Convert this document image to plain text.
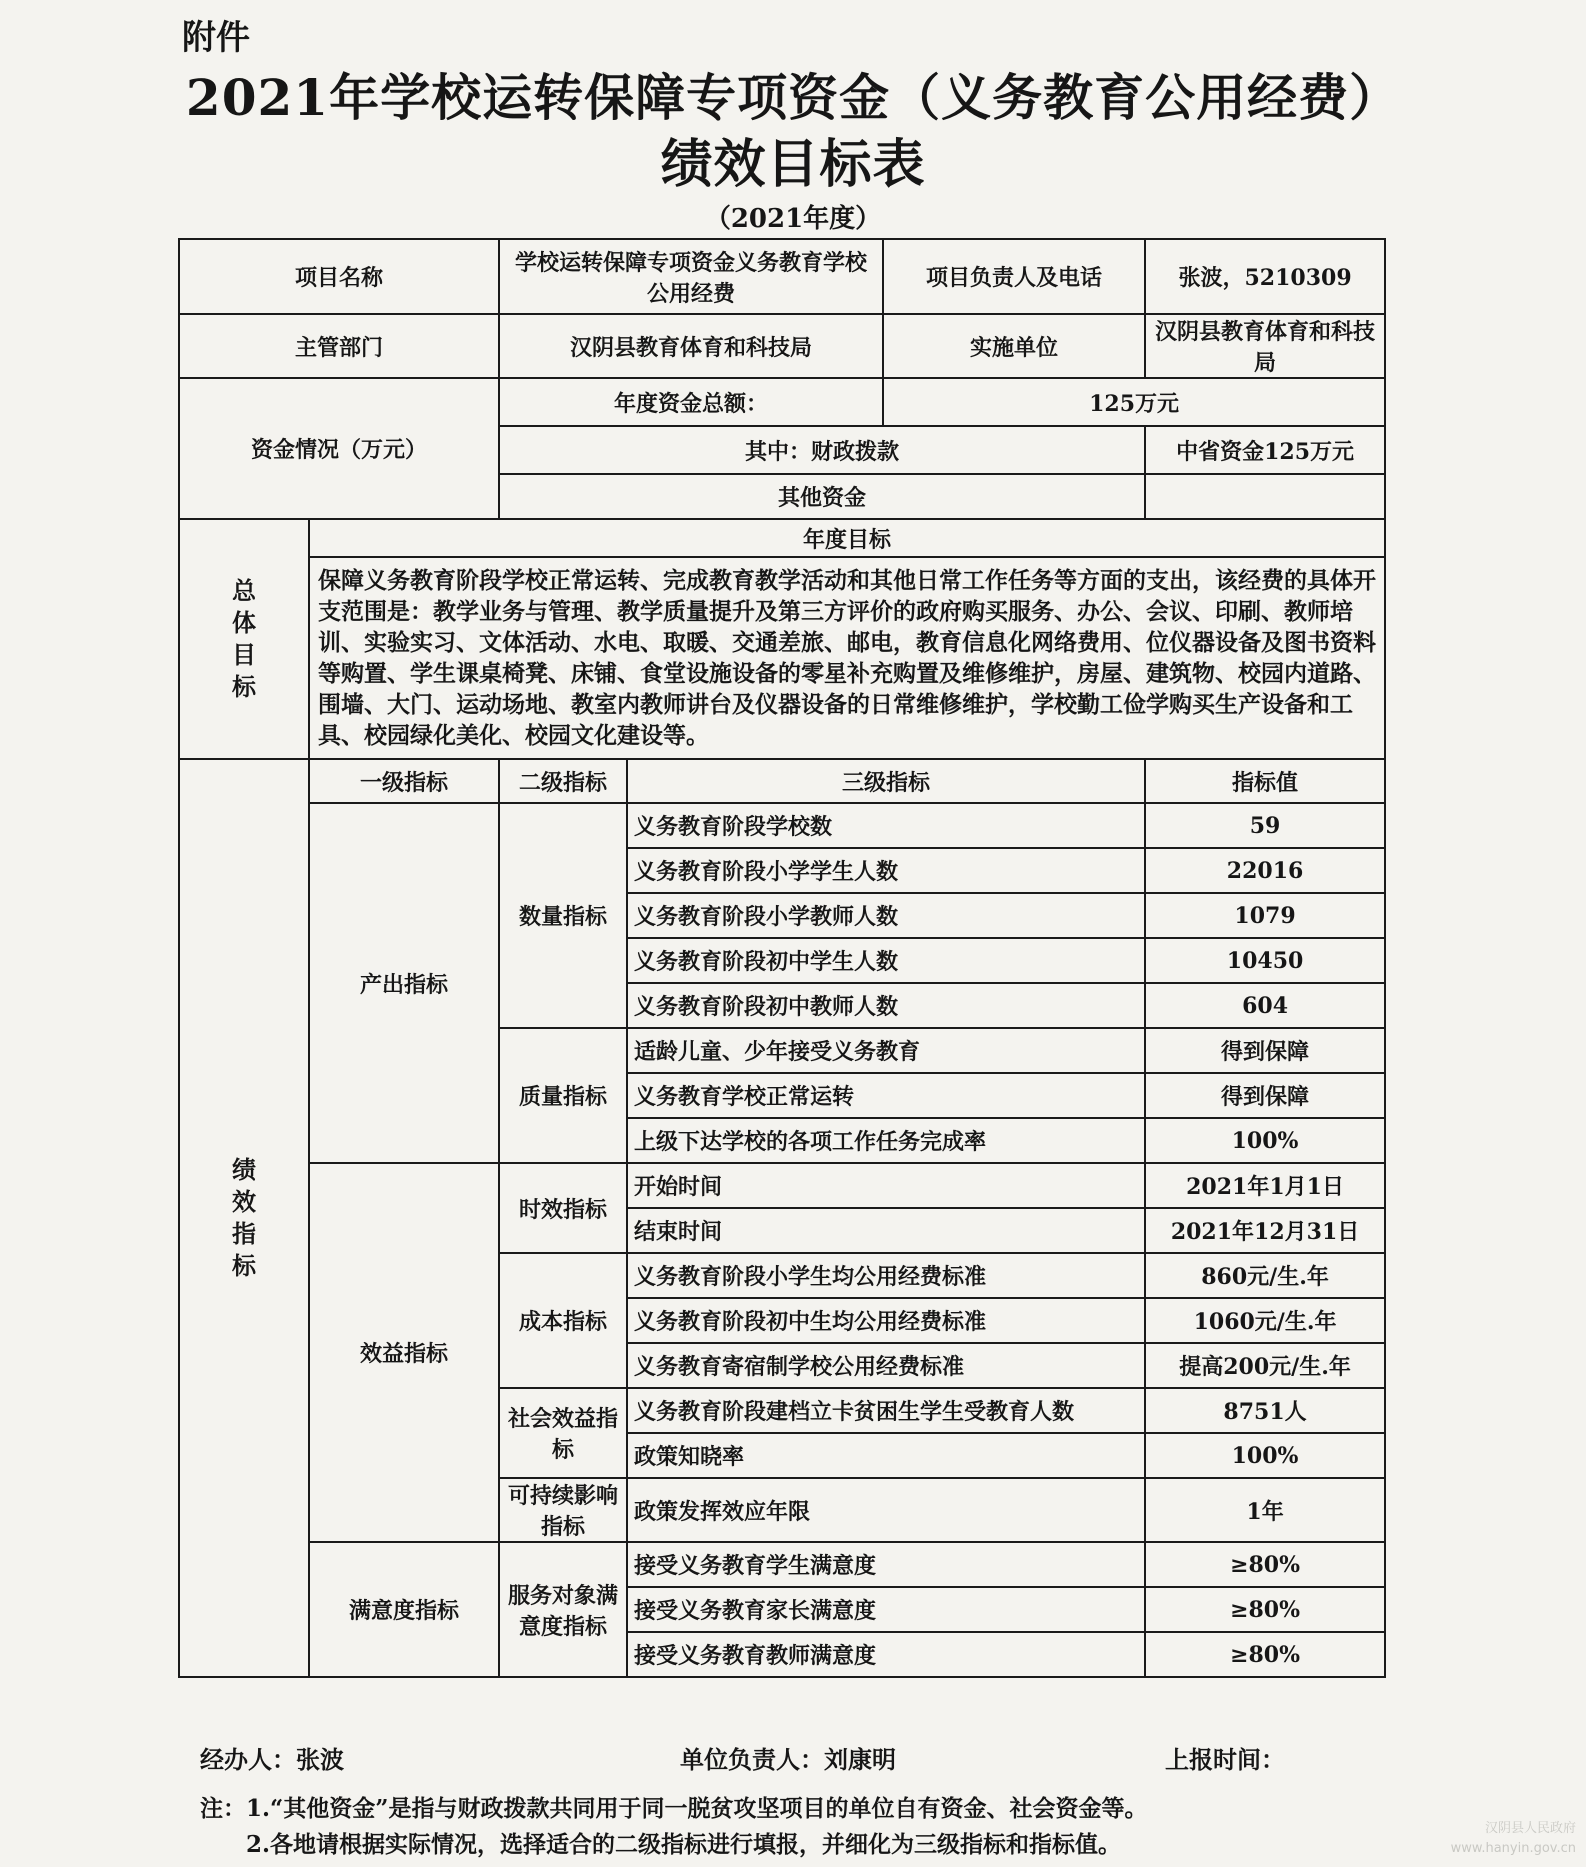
附件
2021年学校运转保障专项资金（义务教育公用经费）
绩效目标表
（2021年度）
项目名称		学校运转保障专项资金义务教育学校公用经费		项目负责人及电话	张波，5210309
主管部门		汉阴县教育体育和科技局		实施单位	汉阴县教育体育和科技局
资金情况（万元）		年度资金总额：		125万元	
		其中：财政拨款			中省资金125万元
		其他资金			

总体目标	年度目标				
	保障义务教育阶段学校正常运转、完成教育教学活动和其他日常工作任务等方面的支出，该经费的具体开支范围是：教学业务与管理、教学质量提升及第三方评价的政府购买服务、办公、会议、印刷、教师培训、实验实习、文体活动、水电、取暖、交通差旅、邮电，教育信息化网络费用、位仪器设备及图书资料等购置、学生课桌椅凳、床铺、食堂设施设备的零星补充购置及维修维护，房屋、建筑物、校园内道路、围墙、大门、运动场地、教室内教师讲台及仪器设备的日常维修维护，学校勤工俭学购买生产设备和工具、校园绿化美化、校园文化建设等。				

绩效指标	一级指标	二级指标	三级指标		指标值
	产出指标	数量指标	义务教育阶段学校数		59
			义务教育阶段小学学生人数		22016
			义务教育阶段小学教师人数		1079
			义务教育阶段初中学生人数		10450
			义务教育阶段初中教师人数		604
		质量指标	适龄儿童、少年接受义务教育		得到保障
			义务教育学校正常运转		得到保障
			上级下达学校的各项工作任务完成率		100%
	效益指标	时效指标	开始时间		2021年1月1日
			结束时间		2021年12月31日
		成本指标	义务教育阶段小学生均公用经费标准		860元/生.年
			义务教育阶段初中生均公用经费标准		1060元/生.年
			义务教育寄宿制学校公用经费标准		提高200元/生.年
		社会效益指标	义务教育阶段建档立卡贫困生学生受教育人数		8751人
			政策知晓率		100%
		可持续影响指标	政策发挥效应年限		1年
	满意度指标	服务对象满意度指标	接受义务教育学生满意度		≥80%
			接受义务教育家长满意度		≥80%
			接受义务教育教师满意度		≥80%
经办人：张波	单位负责人：刘康明	上报时间：
注：1.“其他资金”是指与财政拨款共同用于同一脱贫攻坚项目的单位自有资金、社会资金等。
2.各地请根据实际情况，选择适合的二级指标进行填报，并细化为三级指标和指标值。
汉阴县人民政府
www.hanyin.gov.cn
